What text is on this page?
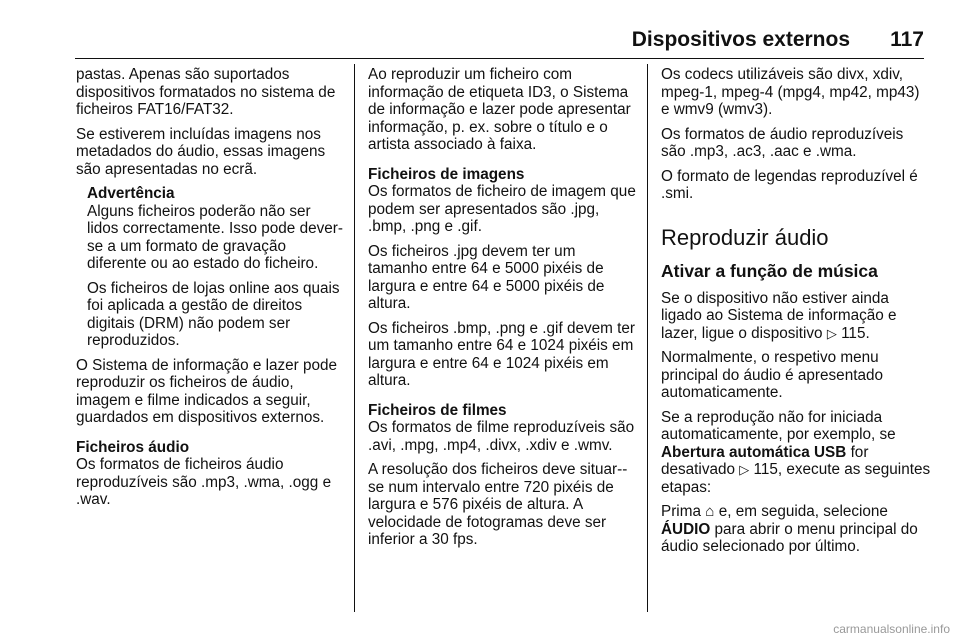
Dispositivos externos 117

pastas. Apenas são suportados dispositivos formatados no sistema de ficheiros FAT16/FAT32.

Se estiverem incluídas imagens nos metadados do áudio, essas imagens são apresentadas no ecrã.

Advertência

Alguns ficheiros poderão não ser lidos correctamente. Isso pode dever-se a um formato de gravação diferente ou ao estado do ficheiro.

Os ficheiros de lojas online aos quais foi aplicada a gestão de direitos digitais (DRM) não podem ser reproduzidos.

O Sistema de informação e lazer pode reproduzir os ficheiros de áudio, imagem e filme indicados a seguir, guardados em dispositivos externos.

Ficheiros áudio

Os formatos de ficheiros áudio reproduzíveis são .mp3, .wma, .ogg e .wav.

Ao reproduzir um ficheiro com informação de etiqueta ID3, o Sistema de informação e lazer pode apresentar informação, p. ex. sobre o título e o artista associado à faixa.

Ficheiros de imagens

Os formatos de ficheiro de imagem que podem ser apresentados são .jpg, .bmp, .png e .gif.

Os ficheiros .jpg devem ter um tamanho entre 64 e 5000 pixéis de largura e entre 64 e 5000 pixéis de altura.

Os ficheiros .bmp, .png e .gif devem ter um tamanho entre 64 e 1024 pixéis em largura e entre 64 e 1024 pixéis em altura.

Ficheiros de filmes

Os formatos de filme reproduzíveis são .avi, .mpg, .mp4, .divx, .xdiv e .wmv.

A resolução dos ficheiros deve situar--se num intervalo entre 720 pixéis de largura e 576 pixéis de altura. A velocidade de fotogramas deve ser inferior a 30 fps.

Os codecs utilizáveis são divx, xdiv, mpeg-1, mpeg-4 (mpg4, mp42, mp43) e wmv9 (wmv3).

Os formatos de áudio reproduzíveis são .mp3, .ac3, .aac e .wma.

O formato de legendas reproduzível é .smi.

Reproduzir áudio
Ativar a função de música

Se o dispositivo não estiver ainda ligado ao Sistema de informação e lazer, ligue o dispositivo ▷ 115.

Normalmente, o respetivo menu principal do áudio é apresentado automaticamente.

Se a reprodução não for iniciada automaticamente, por exemplo, se Abertura automática USB for desativado ▷ 115, execute as seguintes etapas:

Prima ⌂ e, em seguida, selecione ÁUDIO para abrir o menu principal do áudio selecionado por último.

carmanualsonline.info
